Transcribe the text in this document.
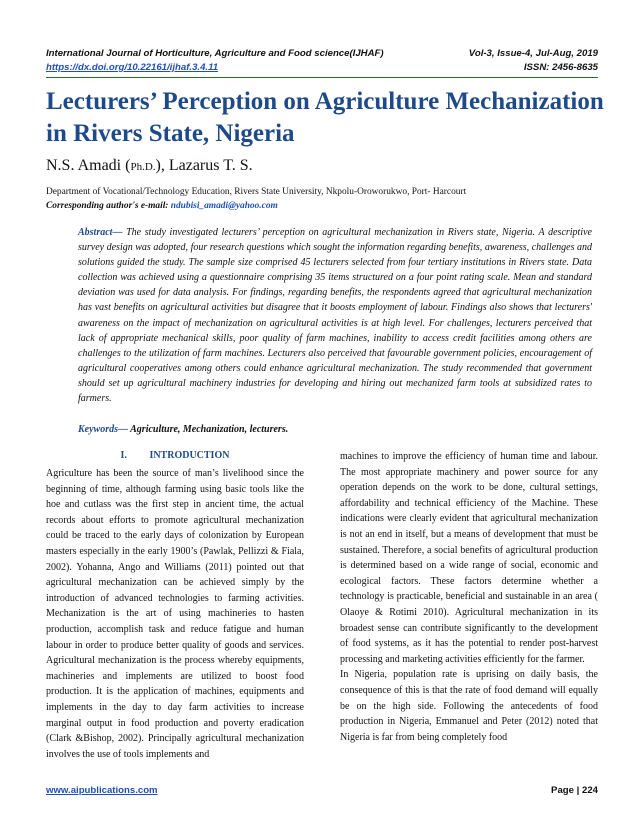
International Journal of Horticulture, Agriculture and Food science(IJHAF)	Vol-3, Issue-4, Jul-Aug, 2019
https://dx.doi.org/10.22161/ijhaf.3.4.11	ISSN: 2456-8635
Lecturers’ Perception on Agriculture Mechanization in Rivers State, Nigeria
N.S. Amadi (Ph.D.), Lazarus T. S.
Department of Vocational/Technology Education, Rivers State University, Nkpolu-Oroworukwo, Port- Harcourt
Corresponding author's e-mail: ndubisi_amadi@yahoo.com

Abstract— The study investigated lecturers’ perception on agricultural mechanization in Rivers state, Nigeria. A descriptive survey design was adopted, four research questions which sought the information regarding benefits, awareness, challenges and solutions guided the study. The sample size comprised 45 lecturers selected from four tertiary institutions in Rivers state. Data collection was achieved using a questionnaire comprising 35 items structured on a four point rating scale. Mean and standard deviation was used for data analysis. For findings, regarding benefits, the respondents agreed that agricultural mechanization has vast benefits on agricultural activities but disagree that it boosts employment of labour. Findings also shows that lecturers' awareness on the impact of mechanization on agricultural activities is at high level. For challenges, lecturers perceived that lack of appropriate mechanical skills, poor quality of farm machines, inability to access credit facilities among others are challenges to the utilization of farm machines. Lecturers also perceived that favourable government policies, encouragement of agricultural cooperatives among others could enhance agricultural mechanization. The study recommended that government should set up agricultural machinery industries for developing and hiring out mechanized farm tools at subsidized rates to farmers.

Keywords— Agriculture, Mechanization, lecturers.
I. INTRODUCTION

Agriculture has been the source of man’s livelihood since the beginning of time, although farming using basic tools like the hoe and cutlass was the first step in ancient time, the actual records about efforts to promote agricultural mechanization could be traced to the early days of colonization by European masters especially in the early 1900’s (Pawlak, Pellizzi & Fiala, 2002). Yohanna, Ango and Williams (2011) pointed out that agricultural mechanization can be achieved simply by the introduction of advanced technologies to farming activities. Mechanization is the art of using machineries to hasten production, accomplish task and reduce fatigue and human labour in order to produce better quality of goods and services. Agricultural mechanization is the process whereby equipments, machineries and implements are utilized to boost food production. It is the application of machines, equipments and implements in the day to day farm activities to increase marginal output in food production and poverty eradication (Clark &Bishop, 2002). Principally agricultural mechanization involves the use of tools implements and

machines to improve the efficiency of human time and labour. The most appropriate machinery and power source for any operation depends on the work to be done, cultural settings, affordability and technical efficiency of the Machine. These indications were clearly evident that agricultural mechanization is not an end in itself, but a means of development that must be sustained. Therefore, a social benefits of agricultural production is determined based on a wide range of social, economic and ecological factors. These factors determine whether a technology is practicable, beneficial and sustainable in an area ( Olaoye & Rotimi 2010). Agricultural mechanization in its broadest sense can contribute significantly to the development of food systems, as it has the potential to render post-harvest processing and marketing activities efficiently for the farmer.

In Nigeria, population rate is uprising on daily basis, the consequence of this is that the rate of food demand will equally be on the high side. Following the antecedents of food production in Nigeria, Emmanuel and Peter (2012) noted that Nigeria is far from being completely food

www.aipublications.com	Page | 224
